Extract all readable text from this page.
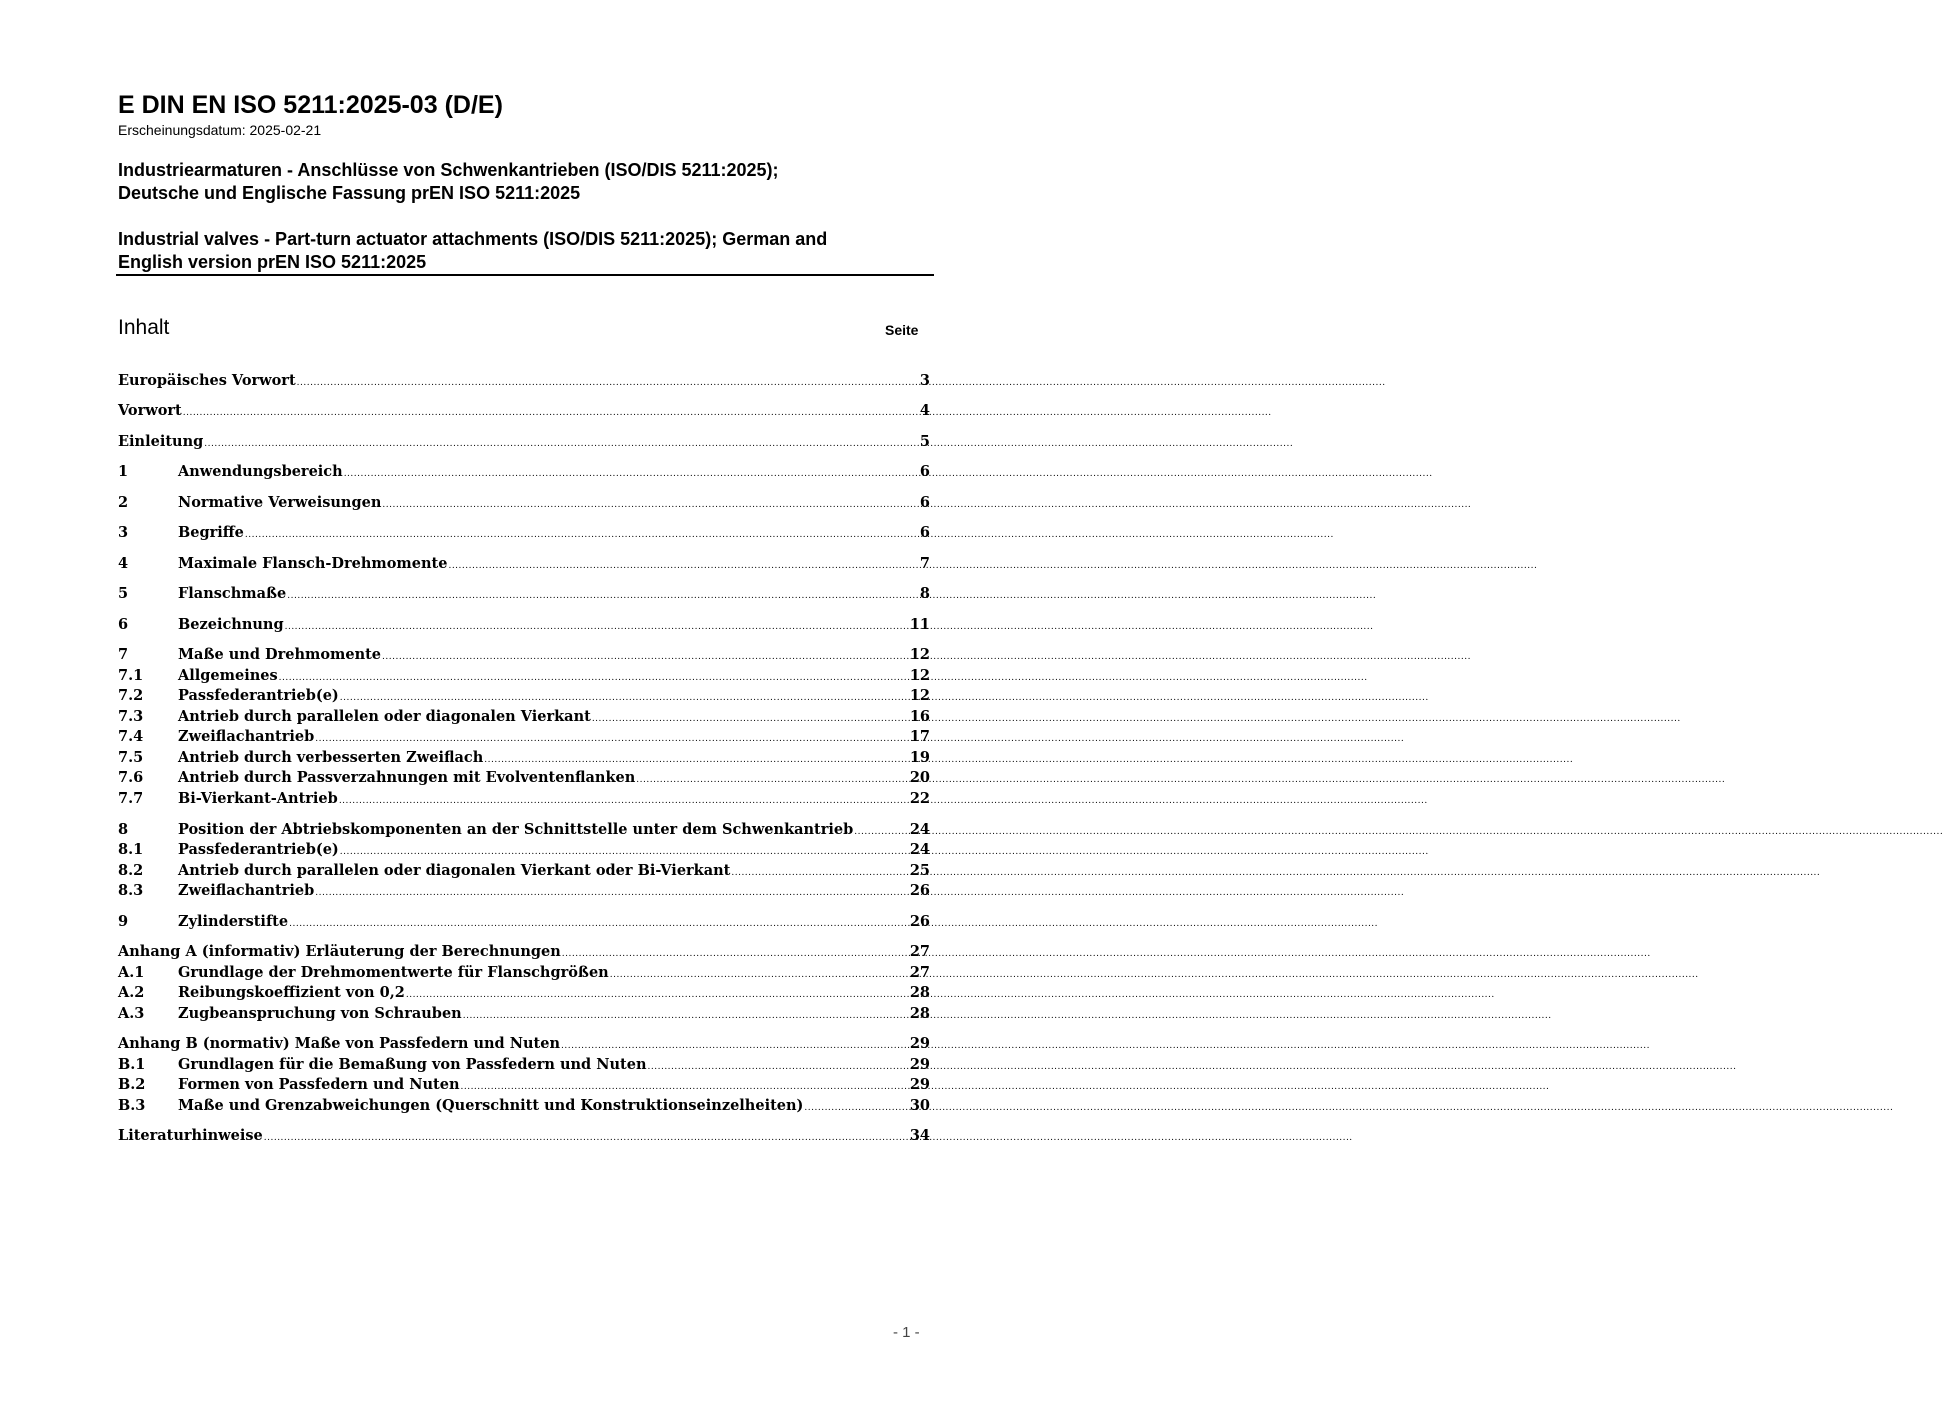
E DIN EN ISO 5211:2025-03 (D/E)
Erscheinungsdatum: 2025-02-21
Industriearmaturen - Anschlüsse von Schwenkantrieben (ISO/DIS 5211:2025);
Deutsche und Englische Fassung prEN ISO 5211:2025
Industrial valves - Part-turn actuator attachments (ISO/DIS 5211:2025); German and
English version prEN ISO 5211:2025
Inhalt	Seite
Europäisches Vorwort .....	3
Vorwort .....	4
Einleitung .....	5
1	Anwendungsbereich .....	6
2	Normative Verweisungen .....	6
3	Begriffe .....	6
4	Maximale Flansch-Drehmomente .....	7
5	Flanschmaße .....	8
6	Bezeichnung .....	11
7	Maße und Drehmomente .....	12
7.1	Allgemeines .....	12
7.2	Passfederantrieb(e) .....	12
7.3	Antrieb durch parallelen oder diagonalen Vierkant .....	16
7.4	Zweiflachantrieb .....	17
7.5	Antrieb durch verbesserten Zweiflach .....	19
7.6	Antrieb durch Passverzahnungen mit Evolventenflanken .....	20
7.7	Bi-Vierkant-Antrieb .....	22
8	Position der Abtriebskomponenten an der Schnittstelle unter dem Schwenkantrieb .....	24
8.1	Passfederantrieb(e) .....	24
8.2	Antrieb durch parallelen oder diagonalen Vierkant oder Bi-Vierkant .....	25
8.3	Zweiflachantrieb .....	26
9	Zylinderstifte .....	26
Anhang A (informativ) Erläuterung der Berechnungen .....	27
A.1	Grundlage der Drehmomentwerte für Flanschgrößen .....	27
A.2	Reibungskoeffizient von 0,2 .....	28
A.3	Zugbeanspruchung von Schrauben .....	28
Anhang B (normativ) Maße von Passfedern und Nuten .....	29
B.1	Grundlagen für die Bemaßung von Passfedern und Nuten .....	29
B.2	Formen von Passfedern und Nuten .....	29
B.3	Maße und Grenzabweichungen (Querschnitt und Konstruktionseinzelheiten) .....	30
Literaturhinweise .....	34
- 1 -
